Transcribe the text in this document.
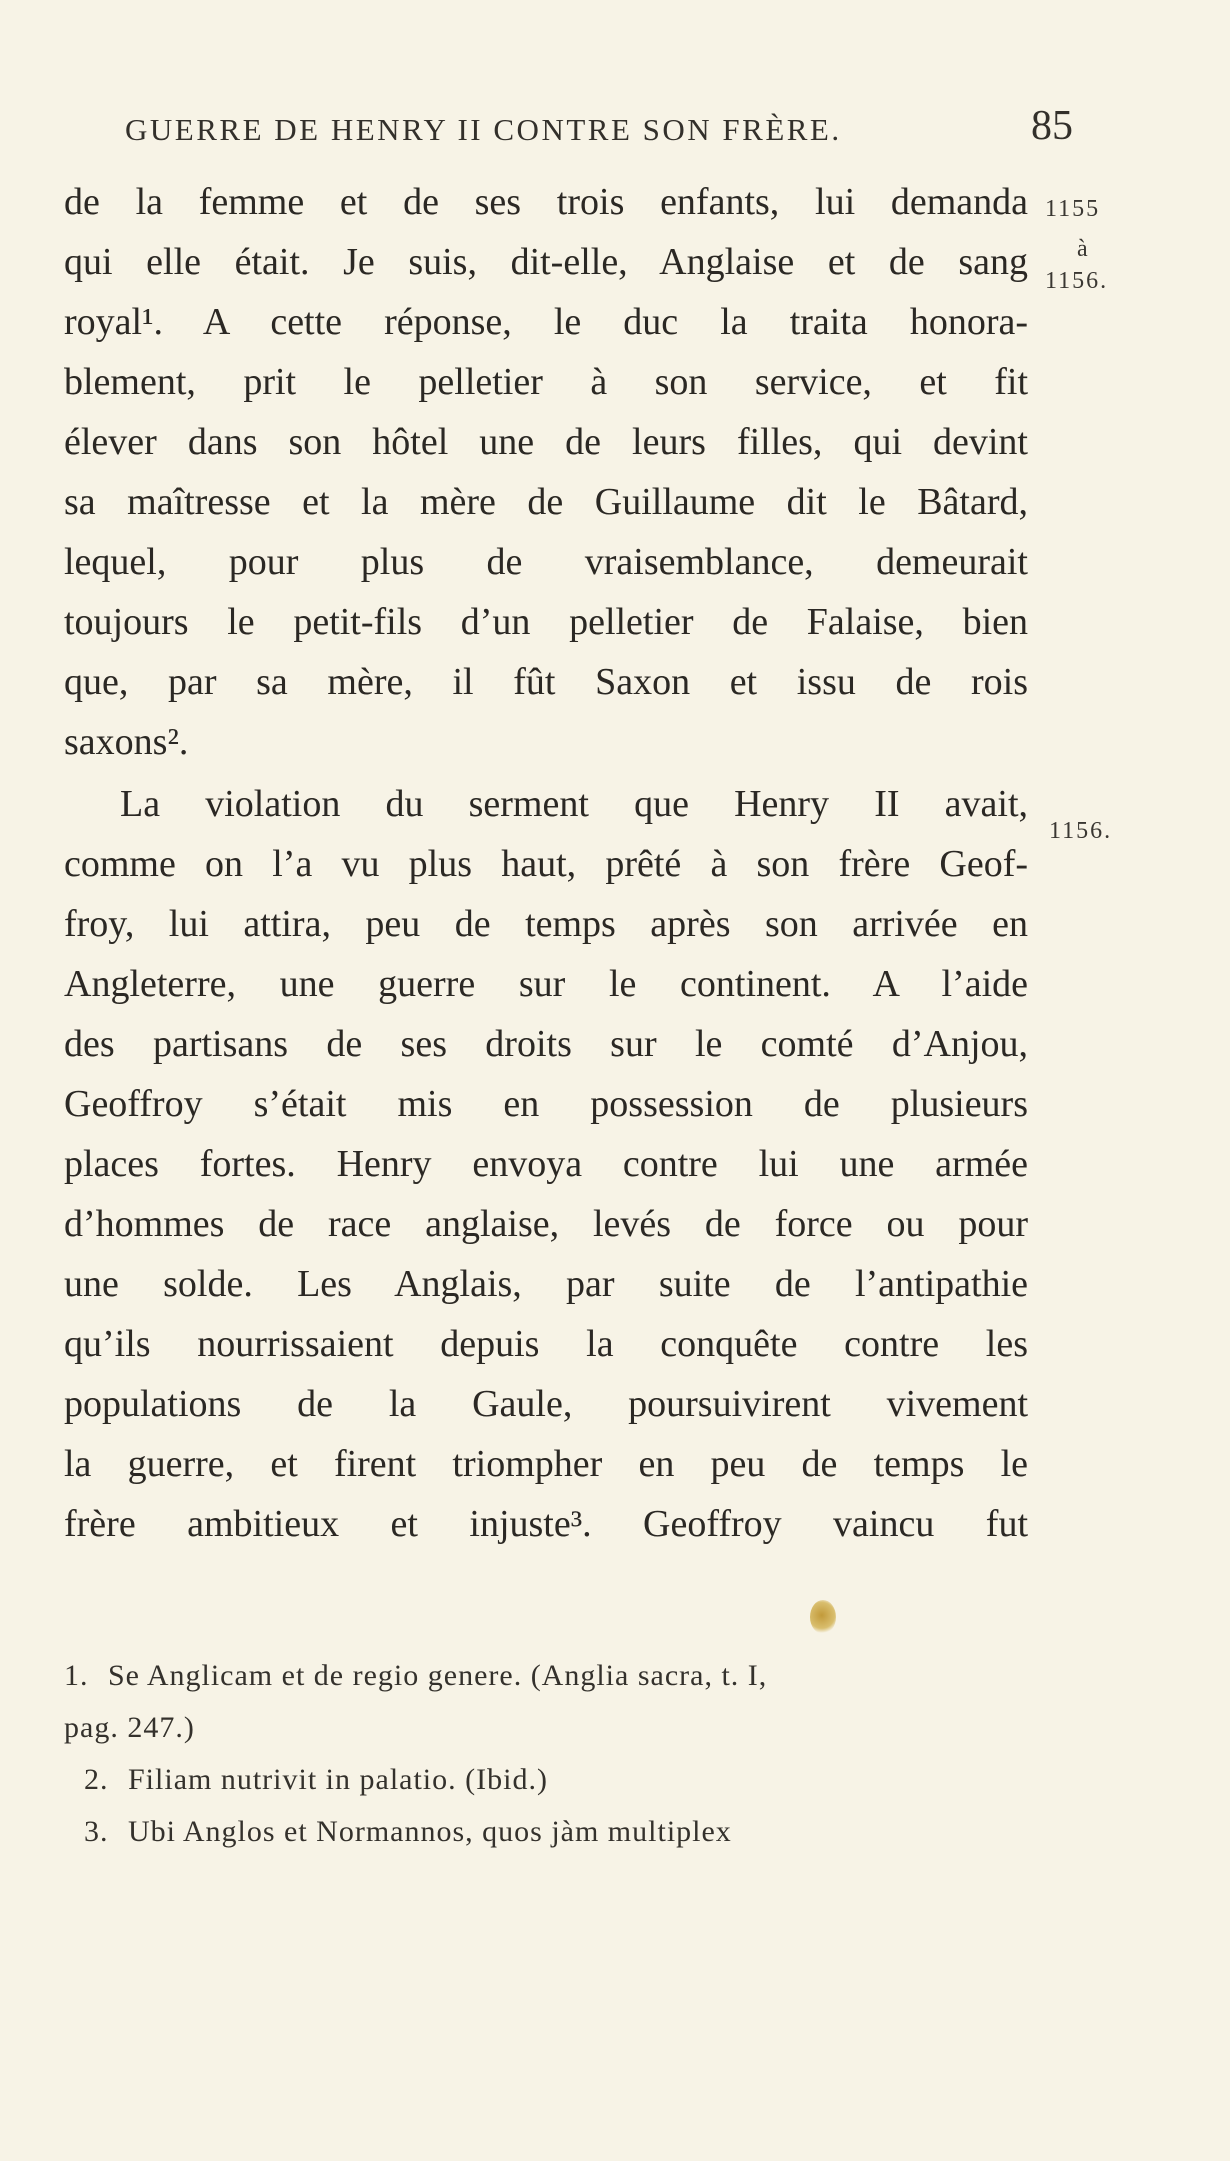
GUERRE DE HENRY II CONTRE SON FRÈRE.	85
de la femme et de ses trois enfants, lui demanda
qui elle était. Je suis, dit-elle, Anglaise et de sang
royal¹. A cette réponse, le duc la traita honora-
blement, prit le pelletier à son service, et fit
élever dans son hôtel une de leurs filles, qui devint
sa maîtresse et la mère de Guillaume dit le Bâtard,
lequel, pour plus de vraisemblance, demeurait
toujours le petit-fils d’un pelletier de Falaise, bien
que, par sa mère, il fût Saxon et issu de rois
saxons².
La violation du serment que Henry II avait,
comme on l’a vu plus haut, prêté à son frère Geof-
froy, lui attira, peu de temps après son arrivée en
Angleterre, une guerre sur le continent. A l’aide
des partisans de ses droits sur le comté d’Anjou,
Geoffroy s’était mis en possession de plusieurs
places fortes. Henry envoya contre lui une armée
d’hommes de race anglaise, levés de force ou pour
une solde. Les Anglais, par suite de l’antipathie
qu’ils nourrissaient depuis la conquête contre les
populations de la Gaule, poursuivirent vivement
la guerre, et firent triompher en peu de temps le
frère ambitieux et injuste³. Geoffroy vaincu fut
1155
à
1156.
1156.
1. Se Anglicam et de regio genere. (Anglia sacra, t. I,
pag. 247.)
2. Filiam nutrivit in palatio. (Ibid.)
3. Ubi Anglos et Normannos, quos jàm multiplex
